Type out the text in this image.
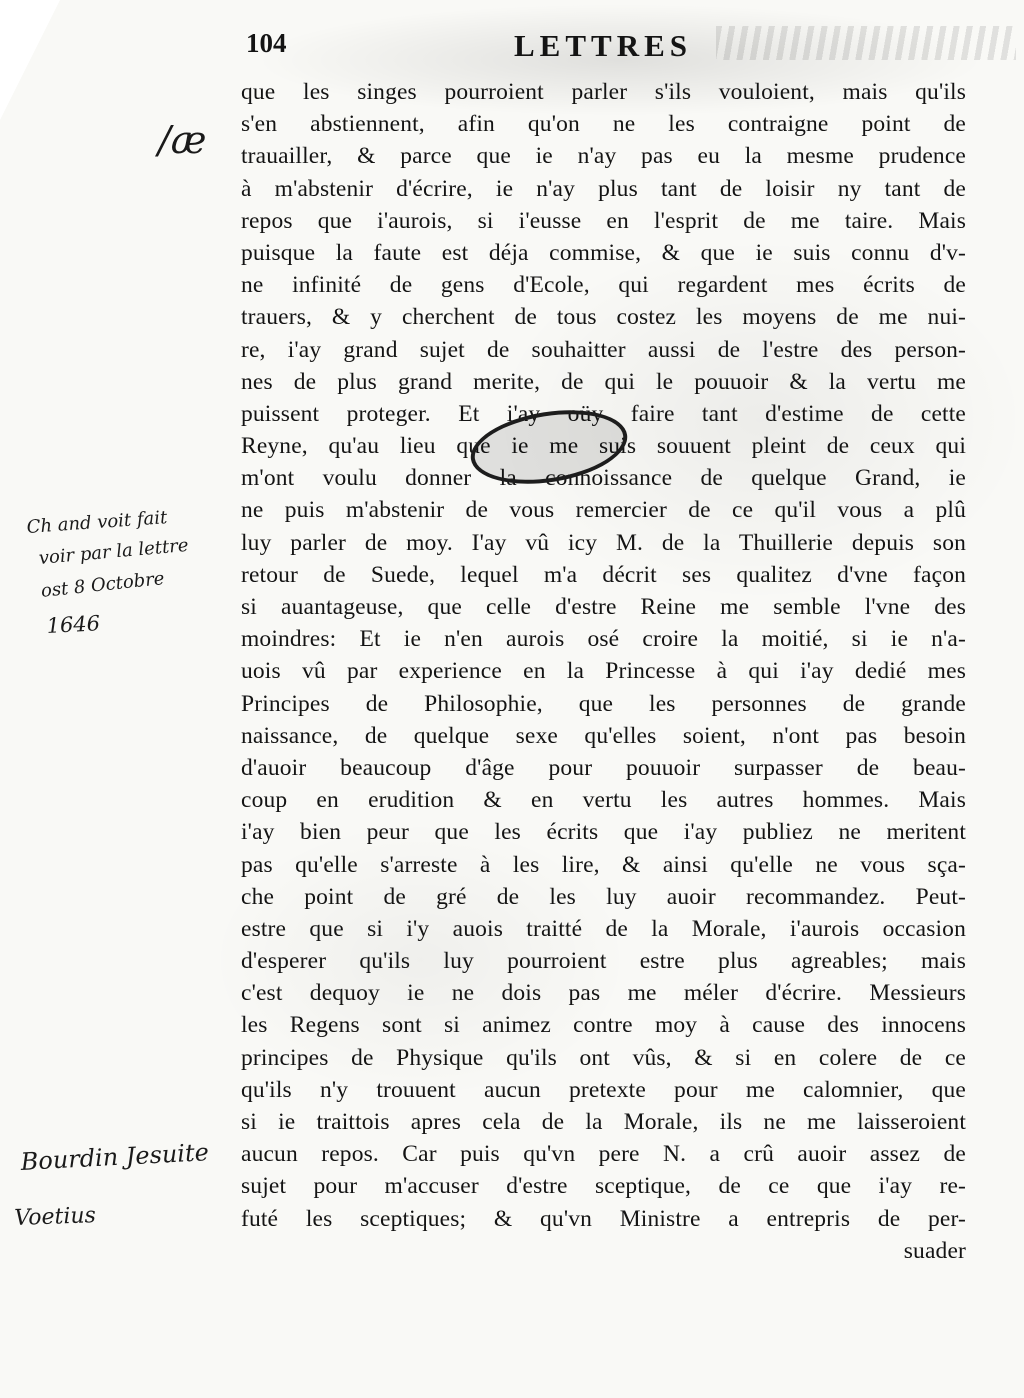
104	LETTRES
que les singes pourroient parler s'ils vouloient, mais qu'ils
s'en abstiennent, afin qu'on ne les contraigne point de
trauailler, & parce que ie n'ay pas eu la mesme prudence
à m'abstenir d'écrire, ie n'ay plus tant de loisir ny tant de
repos que i'aurois, si i'eusse en l'esprit de me taire. Mais
puisque la faute est déja commise, & que ie suis connu d'v-
ne infinité de gens d'Ecole, qui regardent mes écrits de
trauers, & y cherchent de tous costez les moyens de me nui-
re, i'ay grand sujet de souhaitter aussi de l'estre des person-
nes de plus grand merite, de qui le pouuoir & la vertu me
puissent proteger. Et i'ay oüy faire tant d'estime de cette
Reyne, qu'au lieu que ie me suis souuent pleint de ceux qui
m'ont voulu donner la connoissance de quelque Grand, ie
ne puis m'abstenir de vous remercier de ce qu'il vous a plû
luy parler de moy. I'ay vû icy M. de la Thuillerie depuis son
retour de Suede, lequel m'a décrit ses qualitez d'vne façon
si auantageuse, que celle d'estre Reine me semble l'vne des
moindres: Et ie n'en aurois osé croire la moitié, si ie n'a-
uois vû par experience en la Princesse à qui i'ay dedié mes
Principes de Philosophie, que les personnes de grande
naissance, de quelque sexe qu'elles soient, n'ont pas besoin
d'auoir beaucoup d'âge pour pouuoir surpasser de beau-
coup en erudition & en vertu les autres hommes. Mais
i'ay bien peur que les écrits que i'ay publiez ne meritent
pas qu'elle s'arreste à les lire, & ainsi qu'elle ne vous sça-
che point de gré de les luy auoir recommandez. Peut-
estre que si i'y auois traitté de la Morale, i'aurois occasion
d'esperer qu'ils luy pourroient estre plus agreables; mais
c'est dequoy ie ne dois pas me méler d'écrire. Messieurs
les Regens sont si animez contre moy à cause des innocens
principes de Physique qu'ils ont vûs, & si en colere de ce
qu'ils n'y trouuent aucun pretexte pour me calomnier, que
si ie traittois apres cela de la Morale, ils ne me laisseroient
aucun repos. Car puis qu'vn pere N. a crû auoir assez de
sujet pour m'accuser d'estre sceptique, de ce que i'ay re-
futé les sceptiques; & qu'vn Ministre a entrepris de per-
suader
/æ
Ch and voit fait
voir par la lettre
ost 8 Octobre
1646
Bourdin Jesuite
Voetius
